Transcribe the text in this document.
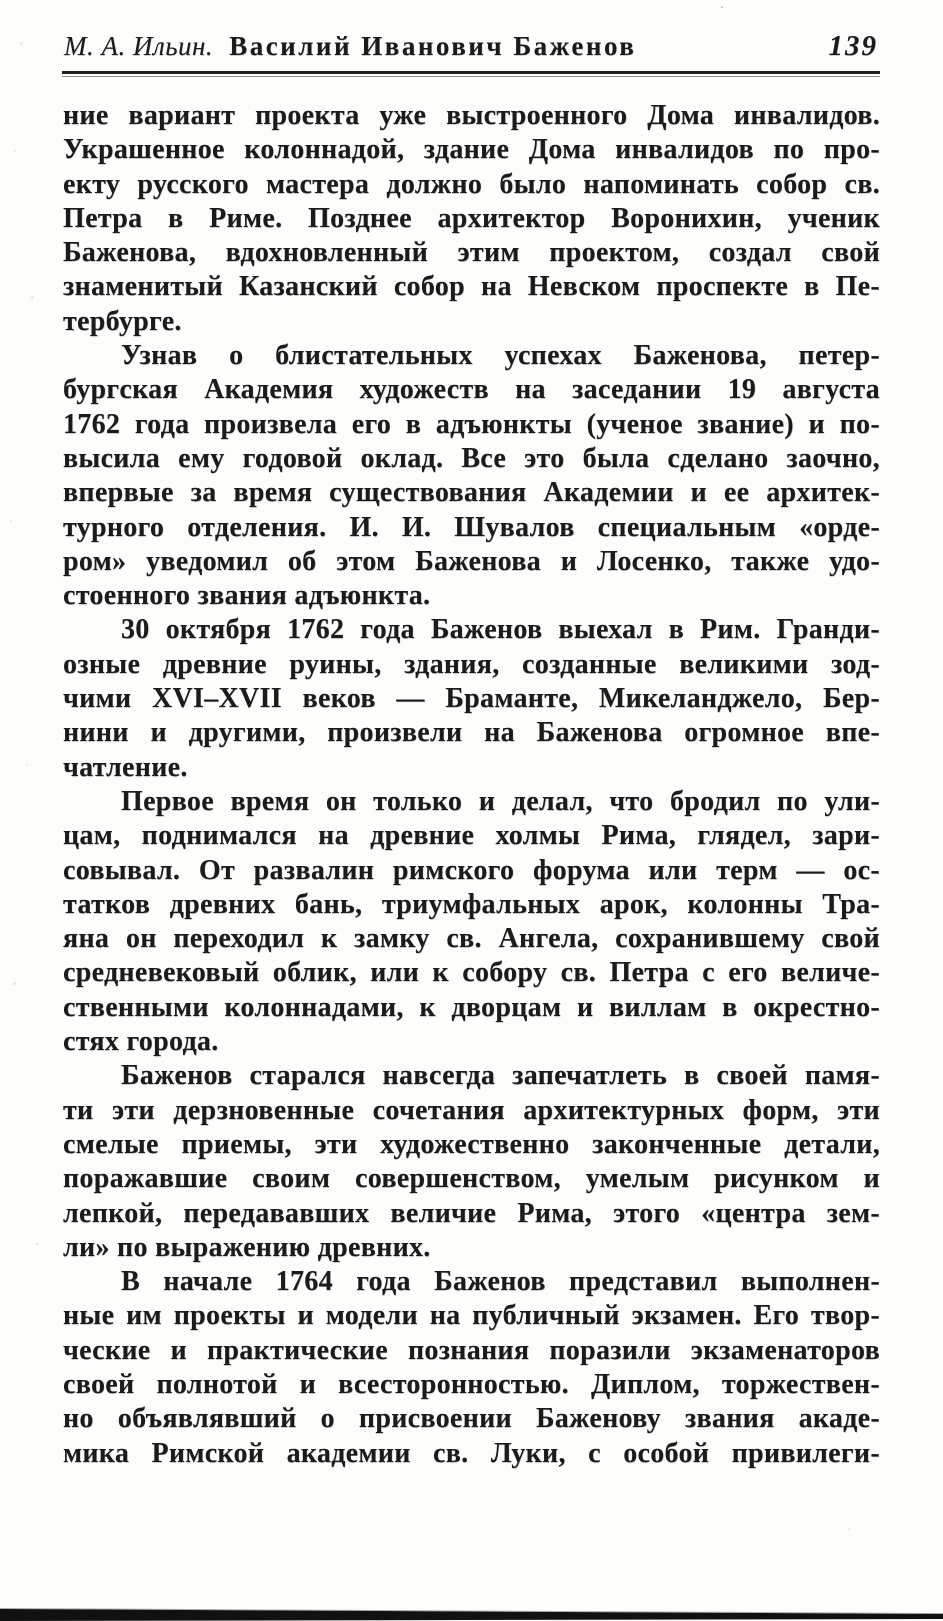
М. А. Ильин. Василий Иванович Баженов	139
ние вариант проекта уже выстроенного Дома инвалидов.
Украшенное колоннадой, здание Дома инвалидов по про-
екту русского мастера должно было напоминать собор св.
Петра в Риме. Позднее архитектор Воронихин, ученик
Баженова, вдохновленный этим проектом, создал свой
знаменитый Казанский собор на Невском проспекте в Пе-
тербурге.
Узнав о блистательных успехах Баженова, петер-
бургская Академия художеств на заседании 19 августа
1762 года произвела его в адъюнкты (ученое звание) и по-
высила ему годовой оклад. Все это была сделано заочно,
впервые за время существования Академии и ее архитек-
турного отделения. И. И. Шувалов специальным «орде-
ром» уведомил об этом Баженова и Лосенко, также удо-
стоенного звания адъюнкта.
30 октября 1762 года Баженов выехал в Рим. Гранди-
озные древние руины, здания, созданные великими зод-
чими XVI–XVII веков — Браманте, Микеланджело, Бер-
нини и другими, произвели на Баженова огромное впе-
чатление.
Первое время он только и делал, что бродил по ули-
цам, поднимался на древние холмы Рима, глядел, зари-
совывал. От развалин римского форума или терм — ос-
татков древних бань, триумфальных арок, колонны Тра-
яна он переходил к замку св. Ангела, сохранившему свой
средневековый облик, или к собору св. Петра с его величе-
ственными колоннадами, к дворцам и виллам в окрестно-
стях города.
Баженов старался навсегда запечатлеть в своей памя-
ти эти дерзновенные сочетания архитектурных форм, эти
смелые приемы, эти художественно законченные детали,
поражавшие своим совершенством, умелым рисунком и
лепкой, передававших величие Рима, этого «центра зем-
ли» по выражению древних.
В начале 1764 года Баженов представил выполнен-
ные им проекты и модели на публичный экзамен. Его твор-
ческие и практические познания поразили экзаменаторов
своей полнотой и всесторонностью. Диплом, торжествен-
но объявлявший о присвоении Баженову звания акаде-
мика Римской академии св. Луки, с особой привилеги-
